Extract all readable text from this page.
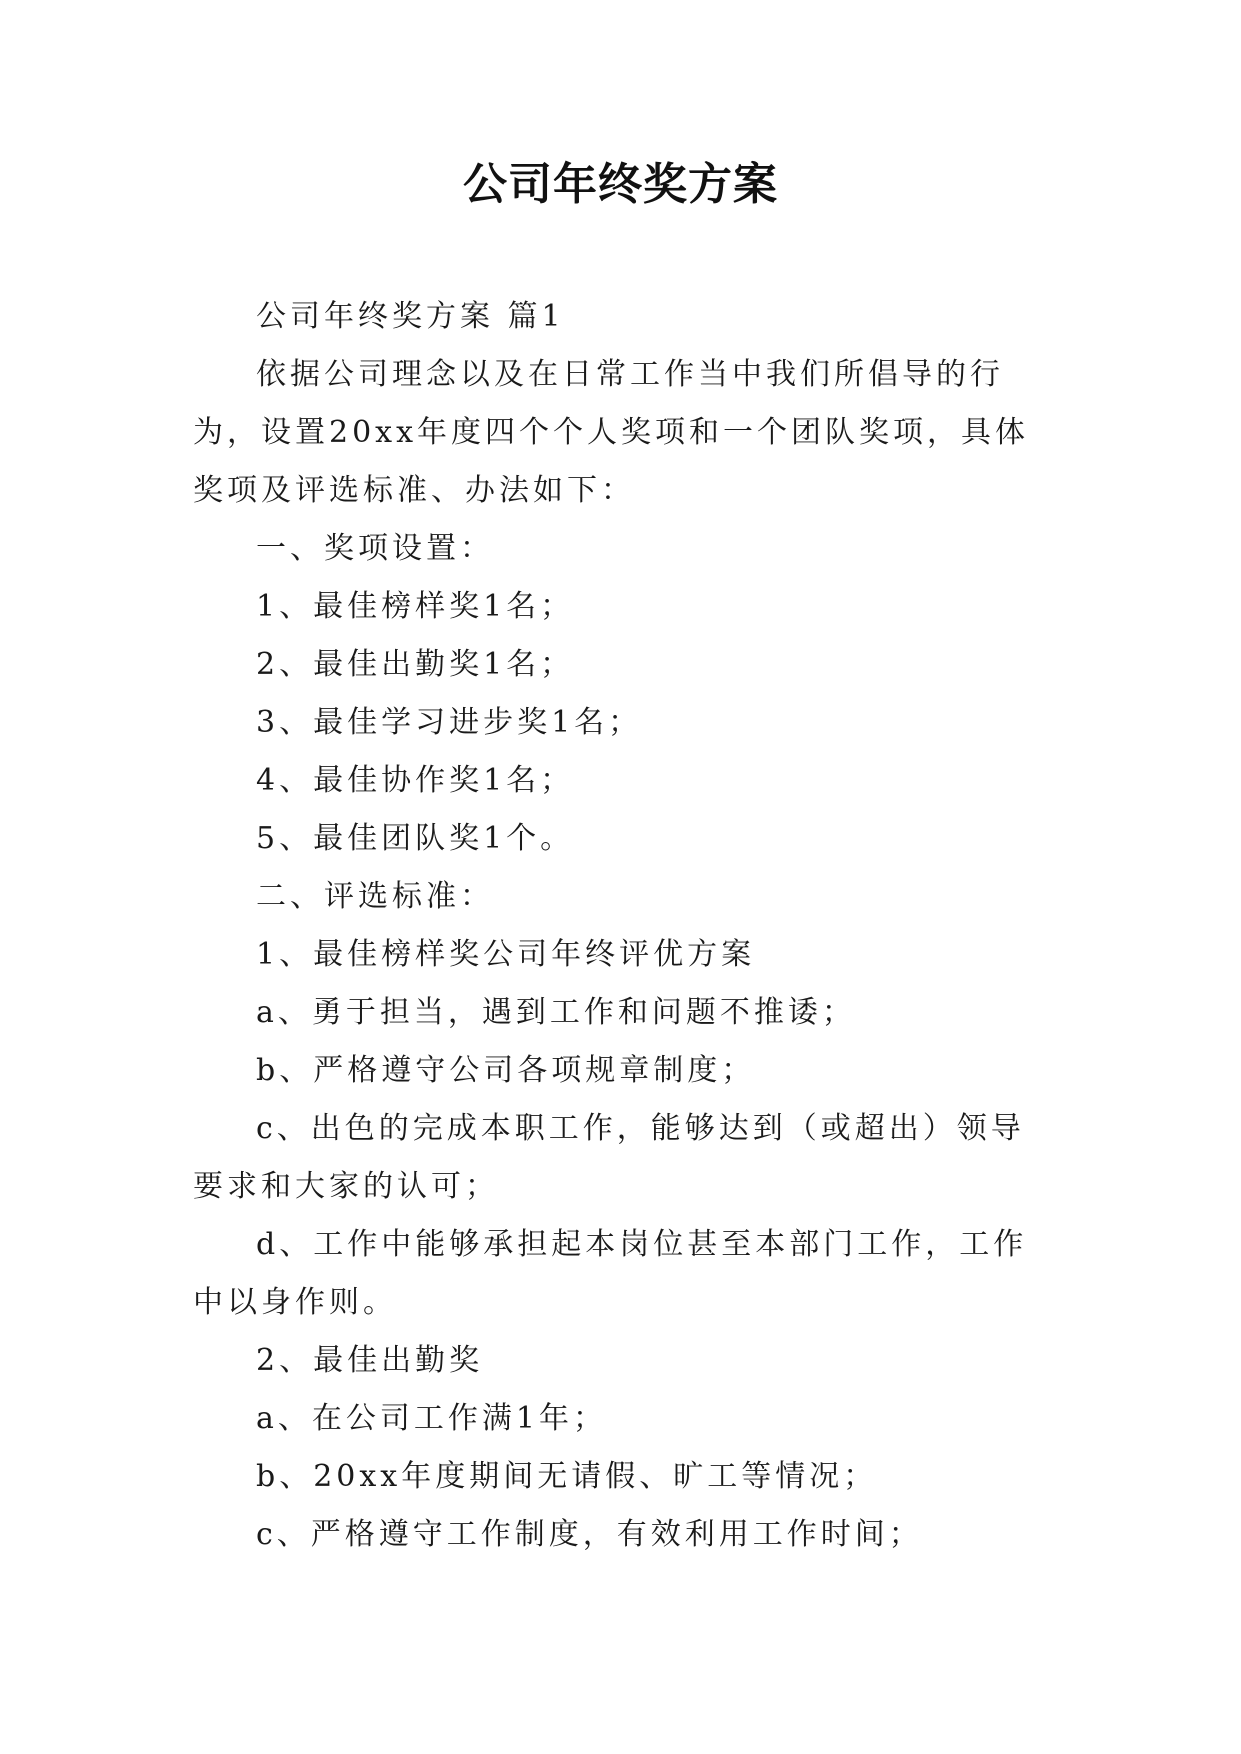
公司年终奖方案

公司年终奖方案 篇1

依据公司理念以及在日常工作当中我们所倡导的行为，设置20xx年度四个个人奖项和一个团队奖项，具体奖项及评选标准、办法如下：

一、奖项设置：

1、最佳榜样奖1名；

2、最佳出勤奖1名；

3、最佳学习进步奖1名；

4、最佳协作奖1名；

5、最佳团队奖1个。

二、评选标准：

1、最佳榜样奖公司年终评优方案

a、勇于担当，遇到工作和问题不推诿；

b、严格遵守公司各项规章制度；

c、出色的完成本职工作，能够达到（或超出）领导要求和大家的认可；

d、工作中能够承担起本岗位甚至本部门工作，工作中以身作则。

2、最佳出勤奖

a、在公司工作满1年；

b、20xx年度期间无请假、旷工等情况；

c、严格遵守工作制度，有效利用工作时间；
